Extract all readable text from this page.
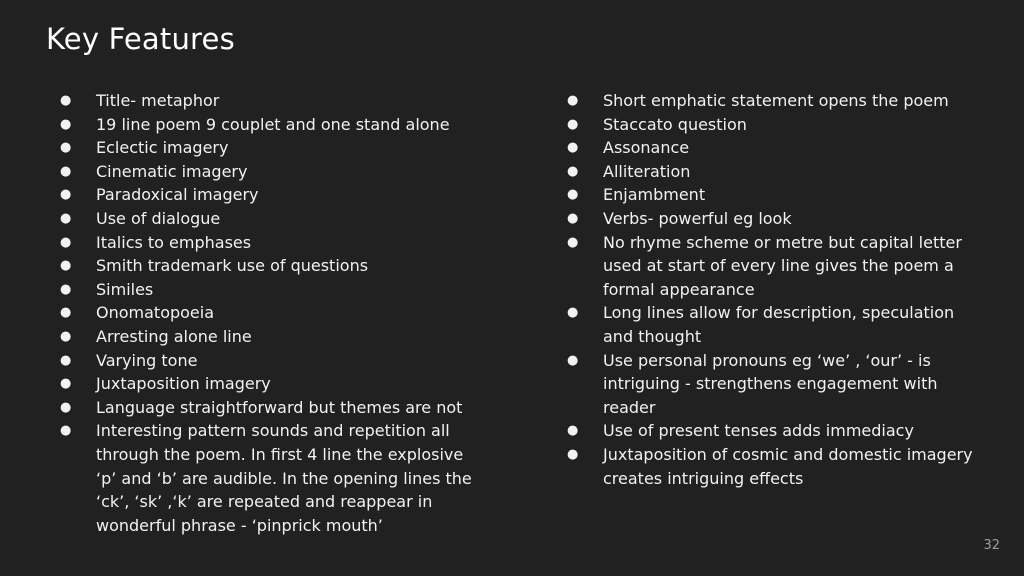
Key Features
● Title- metaphor
● 19 line poem 9 couplet and one stand alone
● Eclectic imagery
● Cinematic imagery
● Paradoxical imagery
● Use of dialogue
● Italics to emphases
● Smith trademark use of questions
● Similes
● Onomatopoeia
● Arresting alone line
● Varying tone
● Juxtaposition imagery
● Language straightforward but themes are not
● Interesting pattern sounds and repetition all through the poem. In first 4 line the explosive ‘p’ and ‘b’ are audible. In the opening lines the ‘ck’, ‘sk’ ,‘k’ are repeated and reappear in wonderful phrase - ‘pinprick mouth’
● Short emphatic statement opens the poem
● Staccato question
● Assonance
● Alliteration
● Enjambment
● Verbs- powerful eg look
● No rhyme scheme or metre but capital letter used at start of every line gives the poem a formal appearance
● Long lines allow for description, speculation and thought
● Use personal pronouns eg ‘we’ , ‘our’ - is intriguing - strengthens engagement with reader
● Use of present tenses adds immediacy
● Juxtaposition of cosmic and domestic imagery creates intriguing effects
32
